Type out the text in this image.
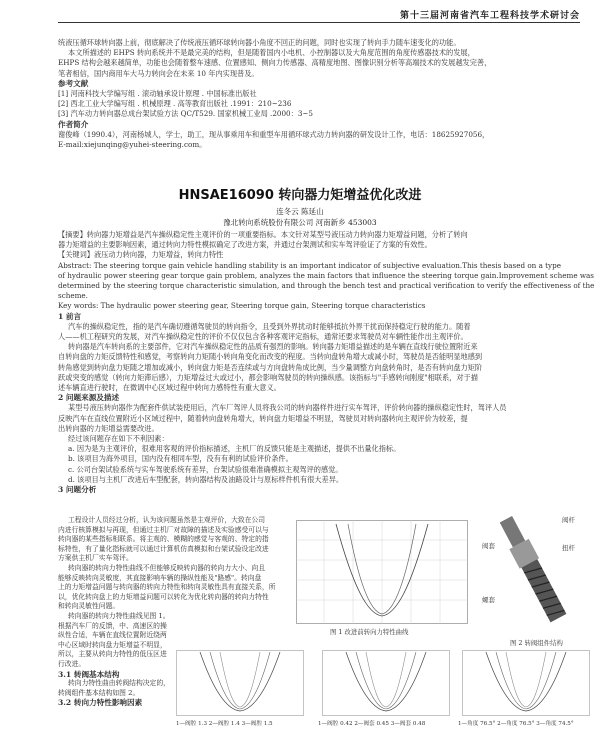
第十三届河南省汽车工程科技学术研讨会

统液压循环球转向器上前，彻底解决了传统液压循环球转向器小角度不回正的问题，同时也实现了转向手力随车速变化的功能。

本文所描述的 EHPS 转向系统并不是最完美的结构，但是随着国内小电机、小控制器以及大角度范围的角度传感器技术的发展，

EHPS 结构会越来越简单，功能也会随着整车速感、位置感知、侧向力传感器、高精度地图、图像识别分析等高端技术的发展越发完善，

笔者相信，国内商用车大马力转向会在未来 10 年内实现普及。

参考文献

[1] 河南科技大学编写组 . 滚动轴承设计原理 . 中国标准出版社

[2] 西北工业大学编写组 . 机械原理 . 高等教育出版社 .1991：210~236

[3] 汽车动力转向器总成台架试验方法 QC/T529. 国家机械工业局 .2000：3~5

作者简介

谢俊峰（1990.4），河南杨城人，学士，助工，现从事乘用车和重型车用循环球式动力转向器的研发设计工作，电话：18625927056，

E-mail:xiejunqing@yuhei-steering.com。

HNSAE16090 转向器力矩增益优化改进
连冬云 陈延山
豫北转向系统股份有限公司 河南新乡 453003

【摘要】转向器力矩增益是汽车操纵稳定性主观评价的一项重要指标。本文针对某型号液压动力转向器力矩增益问题，分析了转向

器力矩增益的主要影响因素，通过转向力特性模拟确定了改进方案，并通过台架测试和实车驾评验证了方案的有效性。

【关键词】液压动力转向器，力矩增益，转向力特性

Abstract: The steering torque gain vehicle handling stability is an important indicator of subjective evaluation.This thesis based on a type

of hydraulic power steering gear torque gain problem, analyzes the main factors that influence the steering torque gain.Improvement scheme was

determined by the steering torque characteristic simulation, and through the bench test and practical verification to verify the effectiveness of the

scheme.

Key words: The hydraulic power steering gear, Steering torque gain, Steering torque characteristics

1 前言

汽车的操纵稳定性，指的是汽车确切遵循驾驶员的转向指令，且受到外界扰动时能够抵抗外界干扰而保持稳定行驶的能力。随着

人——机工程研究的发展，对汽车操纵稳定性的评价不仅仅包含各种客观评定指标，通常还要求驾驶员对车辆性能作出主观评价。

转向器是汽车转向系的主要部件，它对汽车操纵稳定性的品质有强烈的影响。转向器力矩增益描述的是车辆在直线行驶位置附近来

自转向盘的力矩反馈特性和感觉，考察转向力矩随小转向角变化而改变的程度。当转向盘转角增大或减小时，驾驶员是否能明显地感到

转角感觉到转向盘力矩随之增加或减小，转向盘力矩是否连续或与方向盘转角成比例，当少量调整方向盘转角时，是否有转向盘力矩阶

跃或突变的感觉（转向力矩滞后感），力矩增益过大或过小，都会影响驾驶员的转向操纵感。该指标与"手感转向刚度"相联系，对于描

述车辆直进行驶时，在微调中心区域过程中转向力感特性有重大意义。

2 问题来源及描述

某型号液压转向器作为配套件供试装使用后，汽车厂驾评人员将我公司的转向器样件进行实车驾评，评价转向器的操纵稳定性时，驾评人员

反映汽车在直线位置附近小区域过程中，随着转向盘转角增大，转向盘力矩增益不明显，驾驶员对转向器转向主观评价为较差，提

出转向器的力矩增益需要改进。

经过该问题存在如下不利因素：

a. 因为是为主观评价，很难用客观的评价指标描述，主机厂的反馈只能是主观描述，提供不出量化指标。

b. 该项目为海外项目，国内没有相同车型，没有有利的试验评价条件。

c. 公司台架试验系统与实车驾驶系统有差异，台架试验很难准确模拟主观驾评的感觉。

d. 该项目与主机厂改进后车型配套，转向器结构及油路设计与原标样件机有很大差异。

3 问题分析

工程设计人员经过分析，认为该问题虽然是主观评价，大致在公司

内进行核算模拟与再现，但通过主机厂对故障的描述及实验感受可以与

转向器的某些指标相联系。将主观的、模糊的感觉与客观的、特定的指

标特性，有了量化指标就可以通过计算机仿真模拟和台架试验设定改进

方案供主机厂实车驾评。

转向器的转向力特性曲线不但能够反映转向器的转向力大小、向且

能够反映转向灵敏度，其直接影响车辆的操纵性能及"路感"。转向盘

上的力矩增益问题与转向器的转向力特性和转向灵敏性具有直接关系，所

以，优化转向盘上的力矩增益问题可以转化为优化转向器的转向力特性

和转向灵敏性问题。

转向器的转向力特性曲线见图 1。

根据汽车厂的反馈，中、高速区的操

纵性合适，车辆在直线位置附近绕两

中心区域时转向盘力矩增益不明显，

所以，主要从转向力特性的低压区进

行改进。

3.1 转阀基本结构

转向力特性曲由转阀结构决定的，

转阀组件基本结构如图 2。

3.2 转向力特性影响因素

图 1 改进前转向力特性曲线
阀杆
阀套	扭杆
螺套
图 2 转阀组件结构
1—阀腔 1.3 2—阀腔 1.4 3—阀腔 1.5	1—阀腔 0.42 2—阀套 0.45 3—阀套 0.48	1—角度 76.5° 2—角度 76.5° 3—角度 74.5°
